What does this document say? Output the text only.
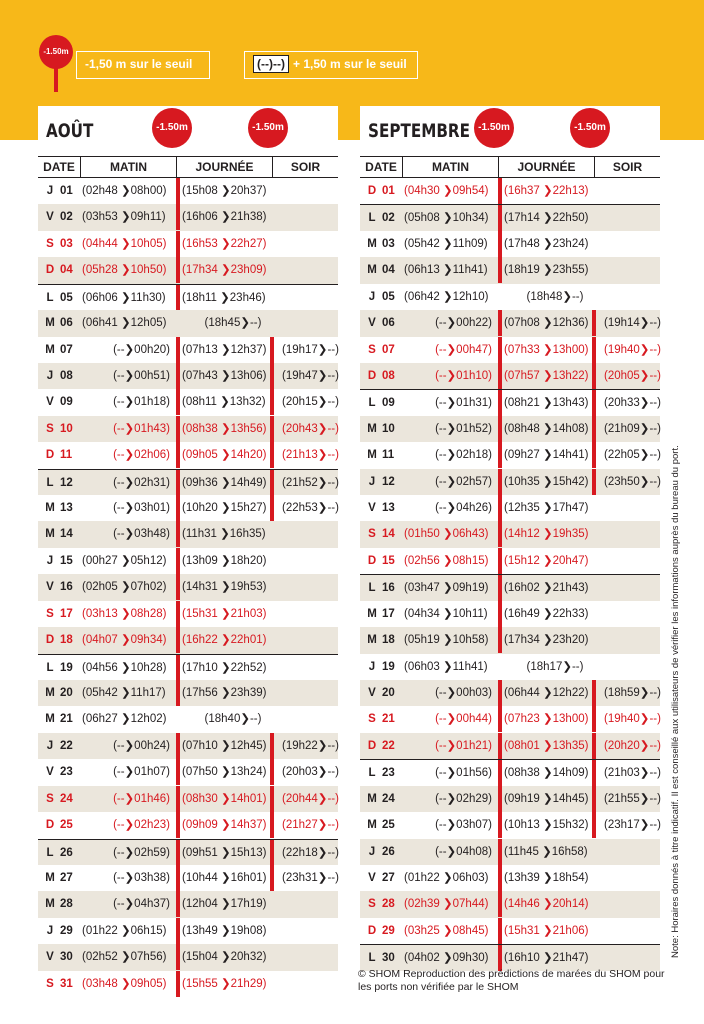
-1.50m
-1,50 m sur le seuil	(--)--) + 1,50 m sur le seuil
AOÛT	-1.50m	-1.50m
DATE	MATIN	JOURNÉE	SOIR
J 01 (02h48 ❯08h00)	(15h08 ❯20h37)
V 02 (03h53 ❯09h11)	(16h06 ❯21h38)
S 03 (04h44 ❯10h05)	(16h53 ❯22h27)
D 04 (05h28 ❯10h50)	(17h34 ❯23h09)
L 05 (06h06 ❯11h30)	(18h11 ❯23h46)
M 06 (06h41 ❯12h05)	(18h45❯--)
M 07	(--❯00h20)	(07h13 ❯12h37) (19h17❯--)
J 08	(--❯00h51)	(07h43 ❯13h06) (19h47❯--)
V 09	(--❯01h18)	(08h11 ❯13h32) (20h15❯--)
S 10	(--❯01h43)	(08h38 ❯13h56) (20h43❯--)
D 11	(--❯02h06)	(09h05 ❯14h20) (21h13❯--)
L 12	(--❯02h31)	(09h36 ❯14h49) (21h52❯--)
M 13	(--❯03h01)	(10h20 ❯15h27) (22h53❯--)
M 14	(--❯03h48)	(11h31 ❯16h35)
J 15 (00h27 ❯05h12)	(13h09 ❯18h20)
V 16 (02h05 ❯07h02)	(14h31 ❯19h53)
S 17 (03h13 ❯08h28)	(15h31 ❯21h03)
D 18 (04h07 ❯09h34)	(16h22 ❯22h01)
L 19 (04h56 ❯10h28)	(17h10 ❯22h52)
M 20 (05h42 ❯11h17)	(17h56 ❯23h39)
M 21 (06h27 ❯12h02)	(18h40❯--)
J 22	(--❯00h24)	(07h10 ❯12h45) (19h22❯--)
V 23	(--❯01h07)	(07h50 ❯13h24) (20h03❯--)
S 24	(--❯01h46)	(08h30 ❯14h01) (20h44❯--)
D 25	(--❯02h23)	(09h09 ❯14h37) (21h27❯--)
L 26	(--❯02h59)	(09h51 ❯15h13) (22h18❯--)
M 27	(--❯03h38)	(10h44 ❯16h01) (23h31❯--)
M 28	(--❯04h37)	(12h04 ❯17h19)
J 29 (01h22 ❯06h15)	(13h49 ❯19h08)
V 30 (02h52 ❯07h56)	(15h04 ❯20h32)
S 31 (03h48 ❯09h05)	(15h55 ❯21h29)
SEPTEMBRE -1.50m	-1.50m
DATE	MATIN	JOURNÉE	SOIR
D 01 (04h30 ❯09h54)	(16h37 ❯22h13)
L 02 (05h08 ❯10h34)	(17h14 ❯22h50)
M 03 (05h42 ❯11h09)	(17h48 ❯23h24)
M 04 (06h13 ❯11h41)	(18h19 ❯23h55)
J 05 (06h42 ❯12h10)	(18h48❯--)
V 06	(--❯00h22)	(07h08 ❯12h36) (19h14❯--)
S 07	(--❯00h47)	(07h33 ❯13h00) (19h40❯--)
D 08	(--❯01h10)	(07h57 ❯13h22) (20h05❯--)
L 09	(--❯01h31)	(08h21 ❯13h43) (20h33❯--)
M 10	(--❯01h52)	(08h48 ❯14h08) (21h09❯--)
M 11	(--❯02h18)	(09h27 ❯14h41) (22h05❯--)
J 12	(--❯02h57)	(10h35 ❯15h42) (23h50❯--)
V 13	(--❯04h26)	(12h35 ❯17h47)
S 14 (01h50 ❯06h43)	(14h12 ❯19h35)
D 15 (02h56 ❯08h15)	(15h12 ❯20h47)
L 16 (03h47 ❯09h19)	(16h02 ❯21h43)
M 17 (04h34 ❯10h11)	(16h49 ❯22h33)
M 18 (05h19 ❯10h58)	(17h34 ❯23h20)
J 19 (06h03 ❯11h41)	(18h17❯--)
V 20	(--❯00h03)	(06h44 ❯12h22) (18h59❯--)
S 21	(--❯00h44)	(07h23 ❯13h00) (19h40❯--)
D 22	(--❯01h21)	(08h01 ❯13h35) (20h20❯--)
L 23	(--❯01h56)	(08h38 ❯14h09) (21h03❯--)
M 24	(--❯02h29)	(09h19 ❯14h45) (21h55❯--)
M 25	(--❯03h07)	(10h13 ❯15h32) (23h17❯--)
J 26	(--❯04h08)	(11h45 ❯16h58)
V 27 (01h22 ❯06h03)	(13h39 ❯18h54)
S 28 (02h39 ❯07h44)	(14h46 ❯20h14)
D 29 (03h25 ❯08h45)	(15h31 ❯21h06)
L 30 (04h02 ❯09h30)	(16h10 ❯21h47)
© SHOM Reproduction des prédictions de marées du SHOM pour les ports non vérifiée par le SHOM
Note: Horaires donnés à titre indicatif. Il est conseillé aux utilisateurs de vérifier les informations auprès du bureau du port.
